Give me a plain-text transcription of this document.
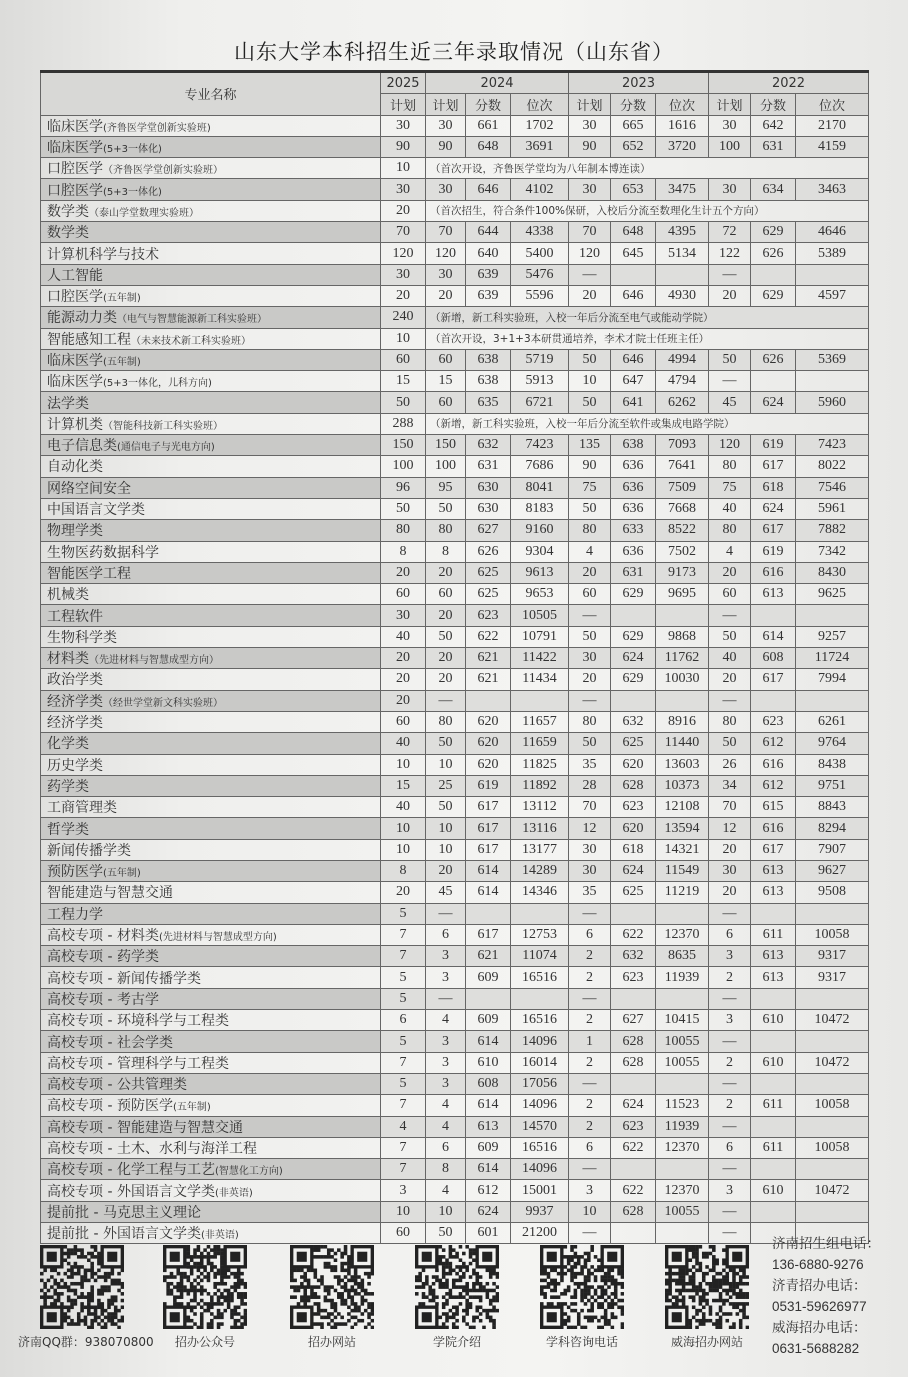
山东大学本科招生近三年录取情况（山东省）
专业名称	2025	2024			2023			2022		
	计划	计划	分数	位次	计划	分数	位次	计划	分数	位次
临床医学(齐鲁医学堂创新实验班)	30	30	661	1702	30	665	1616	30	642	2170
临床医学(5+3一体化)	90	90	648	3691	90	652	3720	100	631	4159
口腔医学（齐鲁医学堂创新实验班）	10	（首次开设，齐鲁医学堂均为八年制本博连读）								
口腔医学(5+3一体化)	30	30	646	4102	30	653	3475	30	634	3463
数学类（泰山学堂数理实验班）	20	（首次招生，符合条件100%保研，入校后分流至数理化生计五个方向）								
数学类	70	70	644	4338	70	648	4395	72	629	4646
计算机科学与技术	120	120	640	5400	120	645	5134	122	626	5389
人工智能	30	30	639	5476	—			—		
口腔医学(五年制)	20	20	639	5596	20	646	4930	20	629	4597
能源动力类（电气与智慧能源新工科实验班）	240	（新增，新工科实验班，入校一年后分流至电气或能动学院）								
智能感知工程（未来技术新工科实验班）	10	（首次开设，3+1+3本研贯通培养，李术才院士任班主任）								
临床医学(五年制)	60	60	638	5719	50	646	4994	50	626	5369
临床医学(5+3一体化，儿科方向)	15	15	638	5913	10	647	4794	—		
法学类	50	60	635	6721	50	641	6262	45	624	5960
计算机类（智能科技新工科实验班）	288	（新增，新工科实验班，入校一年后分流至软件或集成电路学院）								
电子信息类(通信电子与光电方向)	150	150	632	7423	135	638	7093	120	619	7423
自动化类	100	100	631	7686	90	636	7641	80	617	8022
网络空间安全	96	95	630	8041	75	636	7509	75	618	7546
中国语言文学类	50	50	630	8183	50	636	7668	40	624	5961
物理学类	80	80	627	9160	80	633	8522	80	617	7882
生物医药数据科学	8	8	626	9304	4	636	7502	4	619	7342
智能医学工程	20	20	625	9613	20	631	9173	20	616	8430
机械类	60	60	625	9653	60	629	9695	60	613	9625
工程软件	30	20	623	10505	—			—		
生物科学类	40	50	622	10791	50	629	9868	50	614	9257
材料类（先进材料与智慧成型方向）	20	20	621	11422	30	624	11762	40	608	11724
政治学类	20	20	621	11434	20	629	10030	20	617	7994
经济学类（经世学堂新文科实验班）	20	—			—			—		
经济学类	60	80	620	11657	80	632	8916	80	623	6261
化学类	40	50	620	11659	50	625	11440	50	612	9764
历史学类	10	10	620	11825	35	620	13603	26	616	8438
药学类	15	25	619	11892	28	628	10373	34	612	9751
工商管理类	40	50	617	13112	70	623	12108	70	615	8843
哲学类	10	10	617	13116	12	620	13594	12	616	8294
新闻传播学类	10	10	617	13177	30	618	14321	20	617	7907
预防医学(五年制)	8	20	614	14289	30	624	11549	30	613	9627
智能建造与智慧交通	20	45	614	14346	35	625	11219	20	613	9508
工程力学	5	—			—			—		
高校专项 - 材料类(先进材料与智慧成型方向)	7	6	617	12753	6	622	12370	6	611	10058
高校专项 - 药学类	7	3	621	11074	2	632	8635	3	613	9317
高校专项 - 新闻传播学类	5	3	609	16516	2	623	11939	2	613	9317
高校专项 - 考古学	5	—			—			—		
高校专项 - 环境科学与工程类	6	4	609	16516	2	627	10415	3	610	10472
高校专项 - 社会学类	5	3	614	14096	1	628	10055	—		
高校专项 - 管理科学与工程类	7	3	610	16014	2	628	10055	2	610	10472
高校专项 - 公共管理类	5	3	608	17056	—			—		
高校专项 - 预防医学(五年制)	7	4	614	14096	2	624	11523	2	611	10058
高校专项 - 智能建造与智慧交通	4	4	613	14570	2	623	11939	—		
高校专项 - 土木、水利与海洋工程	7	6	609	16516	6	622	12370	6	611	10058
高校专项 - 化学工程与工艺(智慧化工方向)	7	8	614	14096	—			—		
高校专项 - 外国语言文学类(非英语)	3	4	612	15001	3	622	12370	3	610	10472
提前批 - 马克思主义理论	10	10	624	9937	10	628	10055	—		
提前批 - 外国语言文学类(非英语)	60	50	601	21200	—			—		
济南QQ群：938070800	招办公众号	招办网站	学院介绍	学科咨询电话	威海招办网站
济南招生组电话：
136-6880-9276
济青招办电话：
0531-59626977
威海招办电话：
0631-5688282
